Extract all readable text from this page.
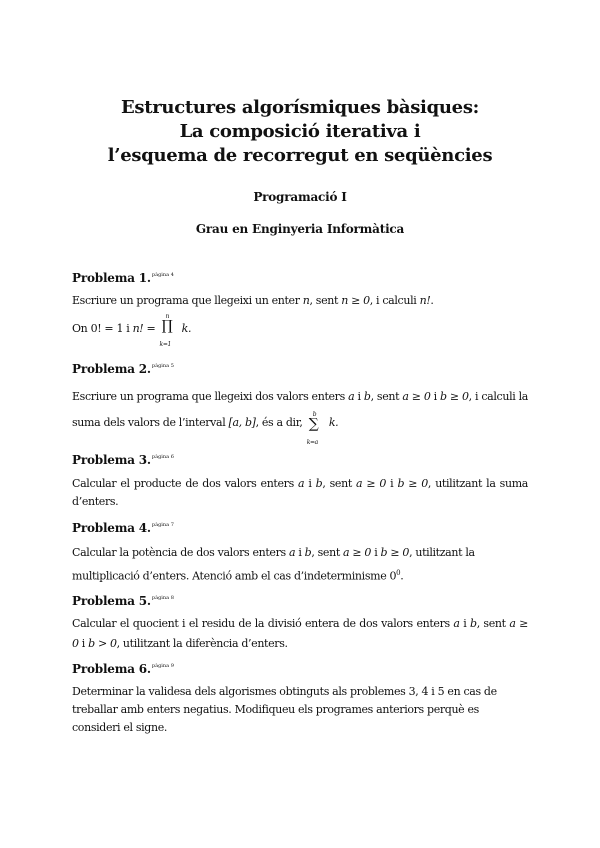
Estructures algorísmiques bàsiques:
La composició iterativa i
l’esquema de recorregut en seqüències
Programació I
Grau en Enginyeria Informàtica
Problema 1.$^{pàgina 4}$
Escriure un programa que llegeixi un enter n, sent n ≥ 0, i calculi n!.
On 0! = 1 i n! =
n
∏
k=1
k.
Problema 2.$^{pàgina 5}$
Escriure un programa que llegeixi dos valors enters a i b, sent a ≥ 0 i b ≥ 0, i calculi la suma dels valors de l’interval [a, b], és a dir,
b
∑
k=a
k.
Problema 3.$^{pàgina 6}$
Calcular el producte de dos valors enters a i b, sent a ≥ 0 i b ≥ 0, utilitzant la suma d’enters.
Problema 4.$^{pàgina 7}$
Calcular la potència de dos valors enters a i b, sent a ≥ 0 i b ≥ 0, utilitzant la multiplicació d’enters. Atenció amb el cas d’indeterminisme $0^0$.
Problema 5.$^{pàgina 8}$
Calcular el quocient i el residu de la divisió entera de dos valors enters a i b, sent a ≥ 0 i b > 0, utilitzant la diferència d’enters.
Problema 6.$^{pàgina 9}$
Determinar la validesa dels algorismes obtinguts als problemes 3, 4 i 5 en cas de treballar amb enters negatius. Modifiqueu els programes anteriors perquè es consideri el signe.
